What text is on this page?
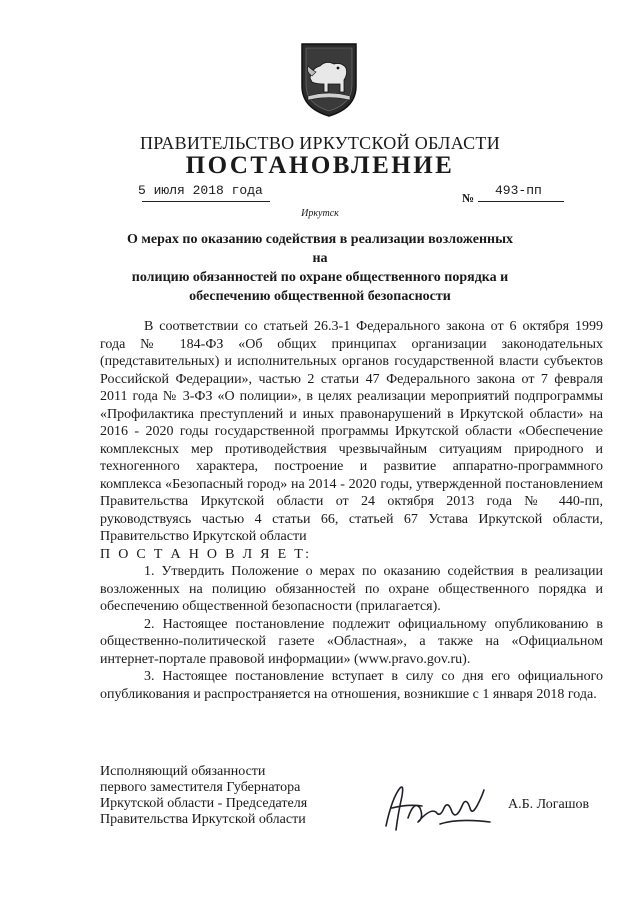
ПРАВИТЕЛЬСТВО ИРКУТСКОЙ ОБЛАСТИ
ПОСТАНОВЛЕНИЕ
5 июля 2018 года	№ 493-пп
Иркутск
О мерах по оказанию содействия в реализации возложенных на
полицию обязанностей по охране общественного порядка и
обеспечению общественной безопасности

В соответствии со статьей 26.3-1 Федерального закона от 6 октября 1999 года № 184-ФЗ «Об общих принципах организации законодательных (представительных) и исполнительных органов государственной власти субъектов Российской Федерации», частью 2 статьи 47 Федерального закона от 7 февраля 2011 года № 3-ФЗ «О полиции», в целях реализации мероприятий подпрограммы «Профилактика преступлений и иных правонарушений в Иркутской области» на 2016 - 2020 годы государственной программы Иркутской области «Обеспечение комплексных мер противодействия чрезвычайным ситуациям природного и техногенного характера, построение и развитие аппаратно-программного комплекса «Безопасный город» на 2014 - 2020 годы, утвержденной постановлением Правительства Иркутской области от 24 октября 2013 года № 440-пп, руководствуясь частью 4 статьи 66, статьей 67 Устава Иркутской области, Правительство Иркутской области

П О С Т А Н О В Л Я Е Т:

1. Утвердить Положение о мерах по оказанию содействия в реализации возложенных на полицию обязанностей по охране общественного порядка и обеспечению общественной безопасности (прилагается).

2. Настоящее постановление подлежит официальному опубликованию в общественно-политической газете «Областная», а также на «Официальном интернет-портале правовой информации» (www.pravo.gov.ru).

3. Настоящее постановление вступает в силу со дня его официального опубликования и распространяется на отношения, возникшие с 1 января 2018 года.

Исполняющий обязанности
первого заместителя Губернатора
Иркутской области - Председателя
Правительства Иркутской области
А.Б. Логашов
